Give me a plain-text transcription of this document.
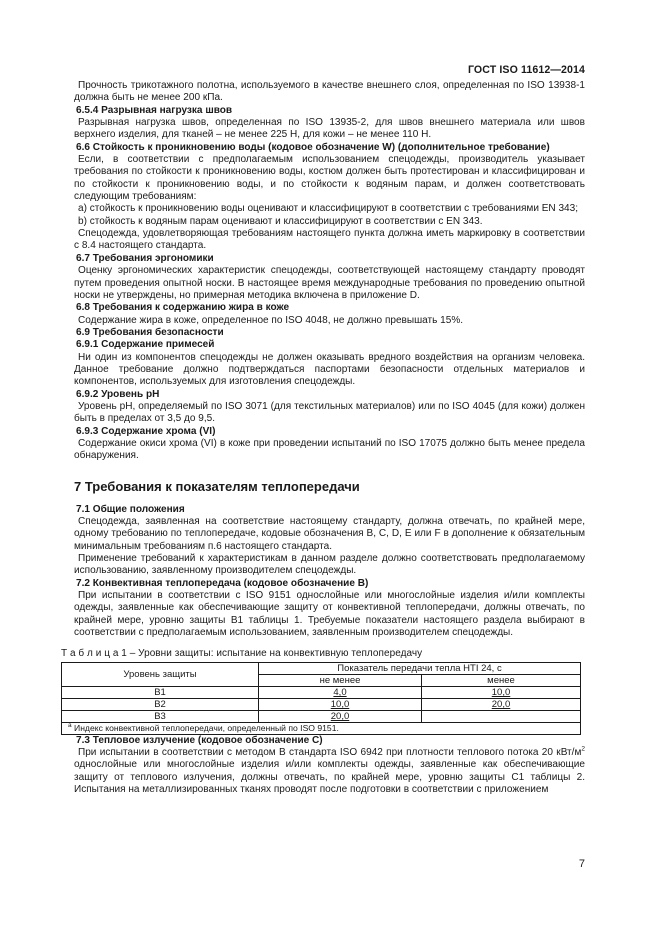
ГОСТ ISO 11612—2014

Прочность трикотажного полотна, используемого в качестве внешнего слоя, определенная по ISO 13938-1 должна быть не менее 200 кПа.

6.5.4 Разрывная нагрузка швов

Разрывная нагрузка швов, определенная по ISO 13935-2, для швов внешнего материала или швов верхнего изделия, для тканей – не менее 225 Н, для кожи – не менее 110 Н.

6.6 Стойкость к проникновению воды (кодовое обозначение W) (дополнительное требование)

Если, в соответствии с предполагаемым использованием спецодежды, производитель указывает требования по стойкости к проникновению воды, костюм должен быть протестирован и классифицирован и по стойкости к проникновению воды, и по стойкости к водяным парам, и должен соответствовать следующим требованиям:

a) стойкость к проникновению воды оценивают и классифицируют в соответствии с требованиями EN 343;

b) стойкость к водяным парам оценивают и классифицируют в соответствии с EN 343.

Спецодежда, удовлетворяющая требованиям настоящего пункта должна иметь маркировку в соответствии с 8.4 настоящего стандарта.

6.7 Требования эргономики

Оценку эргономических характеристик спецодежды, соответствующей настоящему стандарту проводят путем проведения опытной носки. В настоящее время международные требования по проведению опытной носки не утверждены, но примерная методика включена в приложение D.

6.8 Требования к содержанию жира в коже

Содержание жира в коже, определенное по ISO 4048, не должно превышать 15%.

6.9 Требования безопасности

6.9.1 Содержание примесей

Ни один из компонентов спецодежды не должен оказывать вредного воздействия на организм человека. Данное требование должно подтверждаться паспортами безопасности отдельных материалов и компонентов, используемых для изготовления спецодежды.

6.9.2 Уровень рН

Уровень рН, определяемый по ISO 3071 (для текстильных материалов) или по ISO 4045 (для кожи) должен быть в пределах от 3,5 до 9,5.

6.9.3 Содержание хрома (VI)

Содержание окиси хрома (VI) в коже при проведении испытаний по ISO 17075 должно быть менее предела обнаружения.

7 Требования к показателям теплопередачи

7.1 Общие положения

Спецодежда, заявленная на соответствие настоящему стандарту, должна отвечать, по крайней мере, одному требованию по теплопередаче, кодовые обозначения B, C, D, E или F в дополнение к обязательным минимальным требованиям п.6 настоящего стандарта.

Применение требований к характеристикам в данном разделе должно соответствовать предполагаемому использованию, заявленному производителем спецодежды.

7.2 Конвективная теплопередача (кодовое обозначение B)

При испытании в соответствии с ISO 9151 однослойные или многослойные изделия и/или комплекты одежды, заявленные как обеспечивающие защиту от конвективной теплопередачи, должны отвечать, по крайней мере, уровню защиты B1 таблицы 1. Требуемые показатели настоящего раздела выбирают в соответствии с предполагаемым использованием, заявленным производителем спецодежды.

Т а б л и ц а 1 – Уровни защиты: испытание на конвективную теплопередачу
Уровень защиты	Показатель передачи тепла HTI 24, с	
	не менее	менее
B1	4,0	10,0
B2	10,0	20,0
B3	20,0	
$^a$ Индекс конвективной теплопередачи, определенный по ISO 9151.		

7.3 Тепловое излучение (кодовое обозначение C)

При испытании в соответствии с методом B стандарта ISO 6942 при плотности теплового потока 20 кВт/$м^2$ однослойные или многослойные изделия и/или комплекты одежды, заявленные как обеспечивающие защиту от теплового излучения, должны отвечать, по крайней мере, уровню защиты C1 таблицы 2. Испытания на металлизированных тканях проводят после подготовки в соответствии с приложением

7
